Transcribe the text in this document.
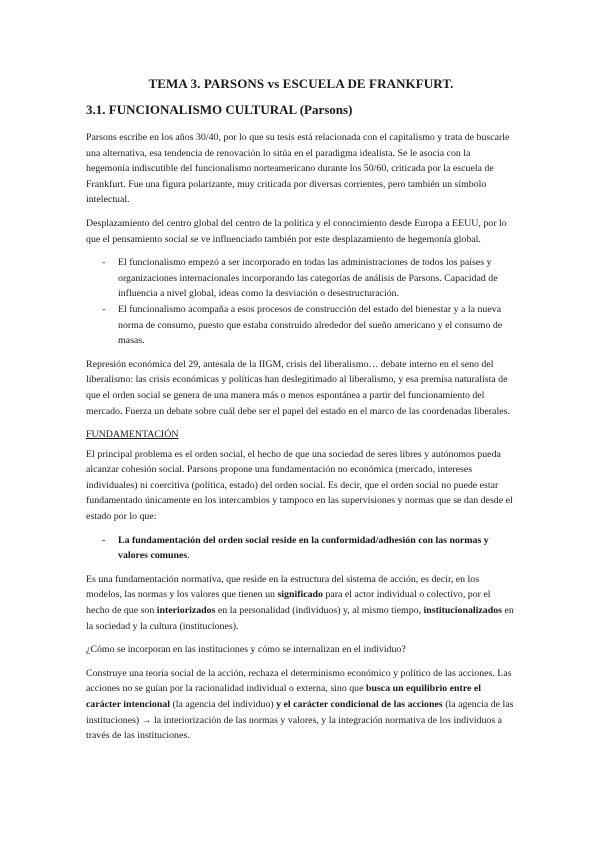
TEMA 3. PARSONS vs ESCUELA DE FRANKFURT.
3.1. FUNCIONALISMO CULTURAL (Parsons)

Parsons escribe en los años 30/40, por lo que su tesis está relacionada con el capitalismo y trata de buscarle una alternativa, esa tendencia de renovación lo sitúa en el paradigma idealista. Se le asocia con la hegemonía indiscutible del funcionalismo norteamericano durante los 50/60, criticada por la escuela de Frankfurt. Fue una figura polarizante, muy criticada por diversas corrientes, pero también un símbolo intelectual.

Desplazamiento del centro global del centro de la política y el conocimiento desde Europa a EEUU, por lo que el pensamiento social se ve influenciado también por este desplazamiento de hegemonía global.

- El funcionalismo empezó a ser incorporado en todas las administraciones de todos los países y organizaciones internacionales incorporando las categorías de análisis de Parsons. Capacidad de influencia a nivel global, ideas como la desviación o desestructuración.
- El funcionalismo acompaña a esos procesos de construcción del estado del bienestar y a la nueva norma de consumo, puesto que estaba construido alrededor del sueño americano y el consumo de masas.

Represión económica del 29, antesala de la IIGM, crisis del liberalismo… debate interno en el seno del liberalismo: las crisis económicas y políticas han deslegitimado al liberalismo, y esa premisa naturalista de que el orden social se genera de una manera más o menos espontánea a partir del funcionamiento del mercado. Fuerza un debate sobre cuál debe ser el papel del estado en el marco de las coordenadas liberales.

FUNDAMENTACIÓN

El principal problema es el orden social, el hecho de que una sociedad de seres libres y autónomos pueda alcanzar cohesión social. Parsons propone una fundamentación no económica (mercado, intereses individuales) ni coercitiva (política, estado) del orden social. Es decir, que el orden social no puede estar fundamentado únicamente en los intercambios y tampoco en las supervisiones y normas que se dan desde el estado por lo que:

- La fundamentación del orden social reside en la conformidad/adhesión con las normas y valores comunes.

Es una fundamentación normativa, que reside en la estructura del sistema de acción, es decir, en los modelos, las normas y los valores que tienen un significado para el actor individual o colectivo, por el hecho de que son interiorizados en la personalidad (individuos) y, al mismo tiempo, institucionalizados en la sociedad y la cultura (instituciones).

¿Cómo se incorporan en las instituciones y cómo se internalizan en el individuo?

Construye una teoría social de la acción, rechaza el determinismo económico y político de las acciones. Las acciones no se guían por la racionalidad individual o externa, sino que busca un equilibrio entre el carácter intencional (la agencia del individuo) y el carácter condicional de las acciones (la agencia de las instituciones) → la interiorización de las normas y valores, y la integración normativa de los individuos a través de las instituciones.
